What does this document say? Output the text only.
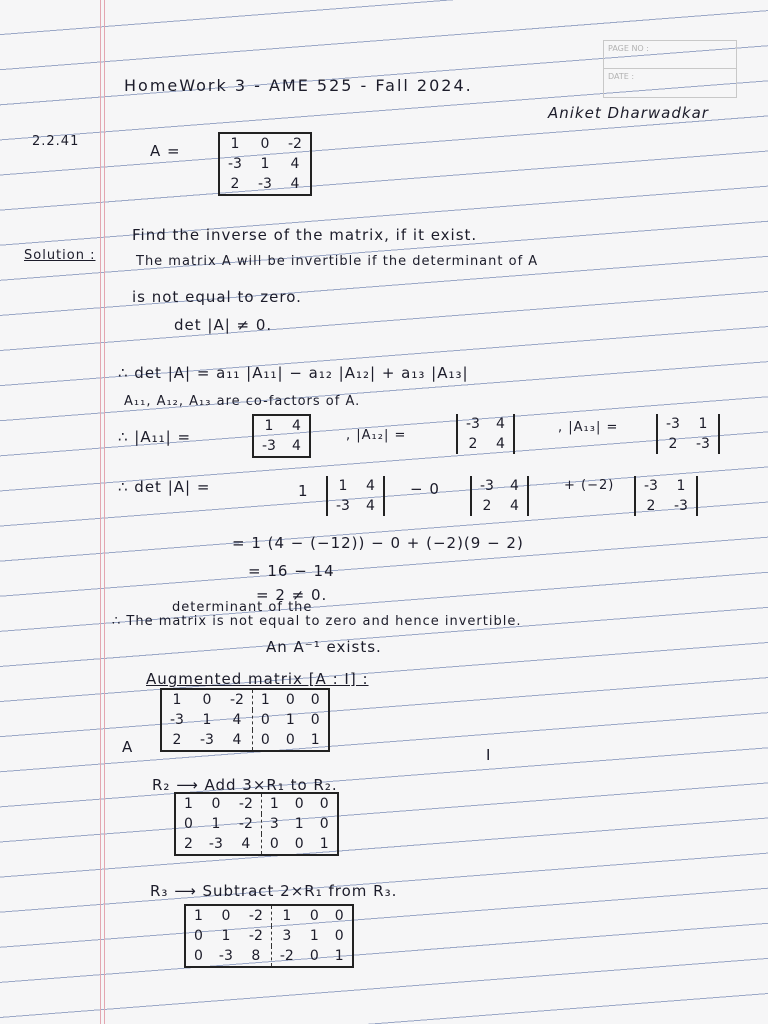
PAGE NO :
DATE :
HomeWork 3 - AME 525 - Fall 2024.
Aniket Dharwadkar
2.2.41
A =	1	0	-2
-3	1	4
2	-3	4
Find the inverse of the matrix, if it exist.
Solution :	The matrix A will be invertible if the determinant of A
is not equal to zero.
det |A| ≠ 0.
∴ det |A| = a₁₁ |A₁₁| − a₁₂ |A₁₂| + a₁₃ |A₁₃|
A₁₁, A₁₂, A₁₃ are co-factors of A.
∴ |A₁₁| =
1	4
-3	4
, |A₁₂| =
-3	4
2	4
, |A₁₃| =	-3	1
2	-3
∴ det |A| =	1 1	4
-3	4
− 0	-3	4
2	4
+ (−2) -3	1
2	-3
= 1 (4 − (−12)) − 0 + (−2)(9 − 2)
= 16 − 14
= 2 ≠ 0.
determinant of the
∴ The matrix is not equal to zero and hence invertible.
An A⁻¹ exists.
Augmented matrix [A : I] :
1	0	-2	1	0	0
-3	1	4	0	1	0
2	-3	4	0	0	1
A	I
R₂ ⟶ Add 3×R₁ to R₂.
1	0	-2	1	0	0
0	1	-2	3	1	0
2	-3	4	0	0	1
R₃ ⟶ Subtract 2×R₁ from R₃.
1	0	-2	1	0	0
0	1	-2	3	1	0
0	-3	8	-2	0	1
